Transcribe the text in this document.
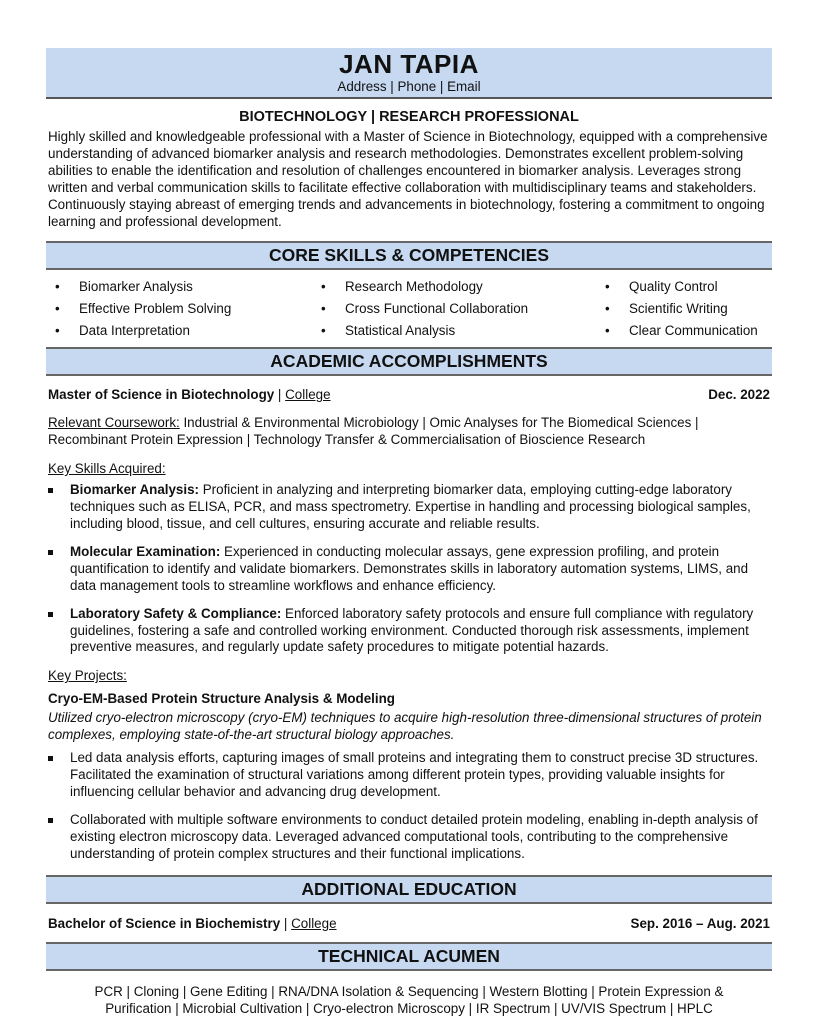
JAN TAPIA
Address | Phone | Email
BIOTECHNOLOGY | RESEARCH PROFESSIONAL

Highly skilled and knowledgeable professional with a Master of Science in Biotechnology, equipped with a comprehensive understanding of advanced biomarker analysis and research methodologies. Demonstrates excellent problem-solving abilities to enable the identification and resolution of challenges encountered in biomarker analysis. Leverages strong written and verbal communication skills to facilitate effective collaboration with multidisciplinary teams and stakeholders. Continuously staying abreast of emerging trends and advancements in biotechnology, fostering a commitment to ongoing learning and professional development.

CORE SKILLS & COMPETENCIES
• Biomarker Analysis
• Effective Problem Solving
• Data Interpretation
• Research Methodology
• Cross Functional Collaboration
• Statistical Analysis
• Quality Control
• Scientific Writing
• Clear Communication
ACADEMIC ACCOMPLISHMENTS
Master of Science in Biotechnology | College	Dec. 2022
Relevant Coursework: Industrial & Environmental Microbiology | Omic Analyses for The Biomedical Sciences | Recombinant Protein Expression | Technology Transfer & Commercialisation of Bioscience Research
Key Skills Acquired:
Biomarker Analysis: Proficient in analyzing and interpreting biomarker data, employing cutting-edge laboratory techniques such as ELISA, PCR, and mass spectrometry. Expertise in handling and processing biological samples, including blood, tissue, and cell cultures, ensuring accurate and reliable results.
Molecular Examination: Experienced in conducting molecular assays, gene expression profiling, and protein quantification to identify and validate biomarkers. Demonstrates skills in laboratory automation systems, LIMS, and data management tools to streamline workflows and enhance efficiency.
Laboratory Safety & Compliance: Enforced laboratory safety protocols and ensure full compliance with regulatory guidelines, fostering a safe and controlled working environment. Conducted thorough risk assessments, implement preventive measures, and regularly update safety procedures to mitigate potential hazards.
Key Projects:
Cryo-EM-Based Protein Structure Analysis & Modeling
Utilized cryo-electron microscopy (cryo-EM) techniques to acquire high-resolution three-dimensional structures of protein complexes, employing state-of-the-art structural biology approaches.
Led data analysis efforts, capturing images of small proteins and integrating them to construct precise 3D structures. Facilitated the examination of structural variations among different protein types, providing valuable insights for influencing cellular behavior and advancing drug development.
Collaborated with multiple software environments to conduct detailed protein modeling, enabling in-depth analysis of existing electron microscopy data. Leveraged advanced computational tools, contributing to the comprehensive understanding of protein complex structures and their functional implications.
ADDITIONAL EDUCATION
Bachelor of Science in Biochemistry | College	Sep. 2016 – Aug. 2021
TECHNICAL ACUMEN
PCR | Cloning | Gene Editing | RNA/DNA Isolation & Sequencing | Western Blotting | Protein Expression & Purification | Microbial Cultivation | Cryo-electron Microscopy | IR Spectrum | UV/VIS Spectrum | HPLC
